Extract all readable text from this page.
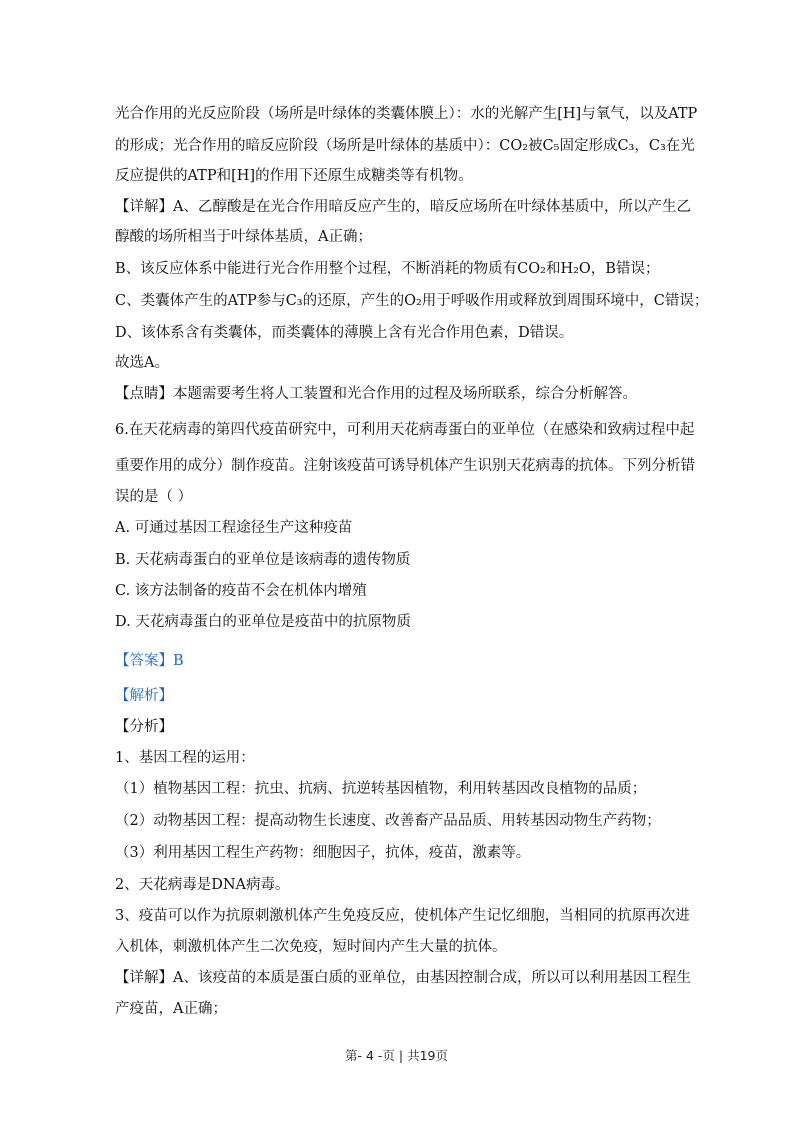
光合作用的光反应阶段（场所是叶绿体的类囊体膜上）：水的光解产生[H]与氧气，以及ATP
的形成；光合作用的暗反应阶段（场所是叶绿体的基质中）：CO₂被C₅固定形成C₃，C₃在光
反应提供的ATP和[H]的作用下还原生成糖类等有机物。
【详解】A、乙醇酸是在光合作用暗反应产生的，暗反应场所在叶绿体基质中，所以产生乙
醇酸的场所相当于叶绿体基质，A正确；
B、该反应体系中能进行光合作用整个过程，不断消耗的物质有CO₂和H₂O，B错误；
C、类囊体产生的ATP参与C₃的还原，产生的O₂用于呼吸作用或释放到周围环境中，C错误；
D、该体系含有类囊体，而类囊体的薄膜上含有光合作用色素，D错误。
故选A。
【点睛】本题需要考生将人工装置和光合作用的过程及场所联系，综合分析解答。
6.在天花病毒的第四代疫苗研究中，可利用天花病毒蛋白的亚单位（在感染和致病过程中起
重要作用的成分）制作疫苗。注射该疫苗可诱导机体产生识别天花病毒的抗体。下列分析错
误的是（ ）
A. 可通过基因工程途径生产这种疫苗
B. 天花病毒蛋白的亚单位是该病毒的遗传物质
C. 该方法制备的疫苗不会在机体内增殖
D. 天花病毒蛋白的亚单位是疫苗中的抗原物质
【答案】B
【解析】
【分析】
1、基因工程的运用：
（1）植物基因工程：抗虫、抗病、抗逆转基因植物，利用转基因改良植物的品质；
（2）动物基因工程：提高动物生长速度、改善畜产品品质、用转基因动物生产药物；
（3）利用基因工程生产药物：细胞因子，抗体，疫苗，激素等。
2、天花病毒是DNA病毒。
3、疫苗可以作为抗原刺激机体产生免疫反应，使机体产生记忆细胞，当相同的抗原再次进
入机体，刺激机体产生二次免疫，短时间内产生大量的抗体。
【详解】A、该疫苗的本质是蛋白质的亚单位，由基因控制合成，所以可以利用基因工程生
产疫苗，A正确；
第- 4 -页 | 共19页
